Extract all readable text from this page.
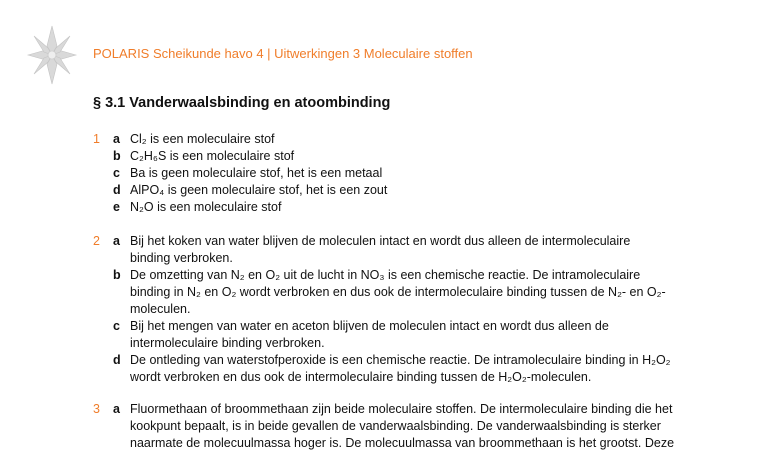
POLARIS Scheikunde havo 4 | Uitwerkingen 3 Moleculaire stoffen
§ 3.1 Vanderwaalsbinding en atoombinding
1 a Cl₂ is een moleculaire stof
b C₂H₆S is een moleculaire stof
c Ba is geen moleculaire stof, het is een metaal
d AlPO₄ is geen moleculaire stof, het is een zout
e N₂O is een moleculaire stof
2 a Bij het koken van water blijven de moleculen intact en wordt dus alleen de intermoleculaire binding verbroken.
b De omzetting van N₂ en O₂ uit de lucht in NO₃ is een chemische reactie. De intramoleculaire binding in N₂ en O₂ wordt verbroken en dus ook de intermoleculaire binding tussen de N₂- en O₂-moleculen.
c Bij het mengen van water en aceton blijven de moleculen intact en wordt dus alleen de intermoleculaire binding verbroken.
d De ontleding van waterstofperoxide is een chemische reactie. De intramoleculaire binding in H₂O₂ wordt verbroken en dus ook de intermoleculaire binding tussen de H₂O₂-moleculen.
3 a Fluormethaan of broommethaan zijn beide moleculaire stoffen. De intermoleculaire binding die het kookpunt bepaalt, is in beide gevallen de vanderwaalsbinding. De vanderwaalsbinding is sterker naarmate de molecuulmassa hoger is. De molecuulmassa van broommethaan is het grootst. Deze
